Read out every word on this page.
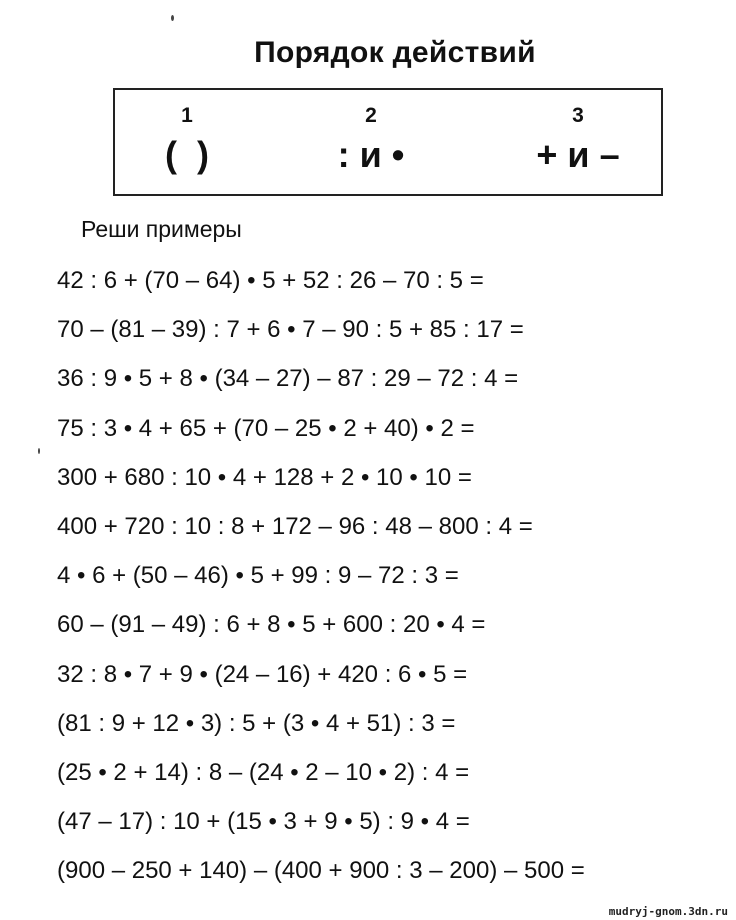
Порядок действий
1
(  )
2
: и •
3
+ и –
Реши примеры
42 : 6 + (70 – 64) • 5 + 52 : 26 – 70 : 5 =
70 – (81 – 39) : 7 + 6 • 7 – 90 : 5 + 85 : 17 =
36 : 9 • 5 + 8 • (34 – 27) – 87 : 29 – 72 : 4 =
75 : 3 • 4 + 65 + (70 – 25 • 2 + 40) • 2 =
300 + 680 : 10 • 4 + 128 + 2 • 10 • 10 =
400 + 720 : 10 : 8 + 172 – 96 : 48 – 800 : 4 =
4 • 6 + (50 – 46) • 5 + 99 : 9 – 72 : 3 =
60 – (91 – 49) : 6 + 8 • 5 + 600 : 20 • 4 =
32 : 8 • 7 + 9 • (24 – 16) + 420 : 6 • 5 =
(81 : 9 + 12 • 3) : 5 + (3 • 4 + 51) : 3 =
(25 • 2 + 14) : 8 – (24 • 2 – 10 • 2) : 4 =
(47 – 17) : 10 + (15 • 3 + 9 • 5) : 9 • 4 =
(900 – 250 + 140) – (400 + 900 : 3 – 200) – 500 =
mudryj-gnom.3dn.ru
